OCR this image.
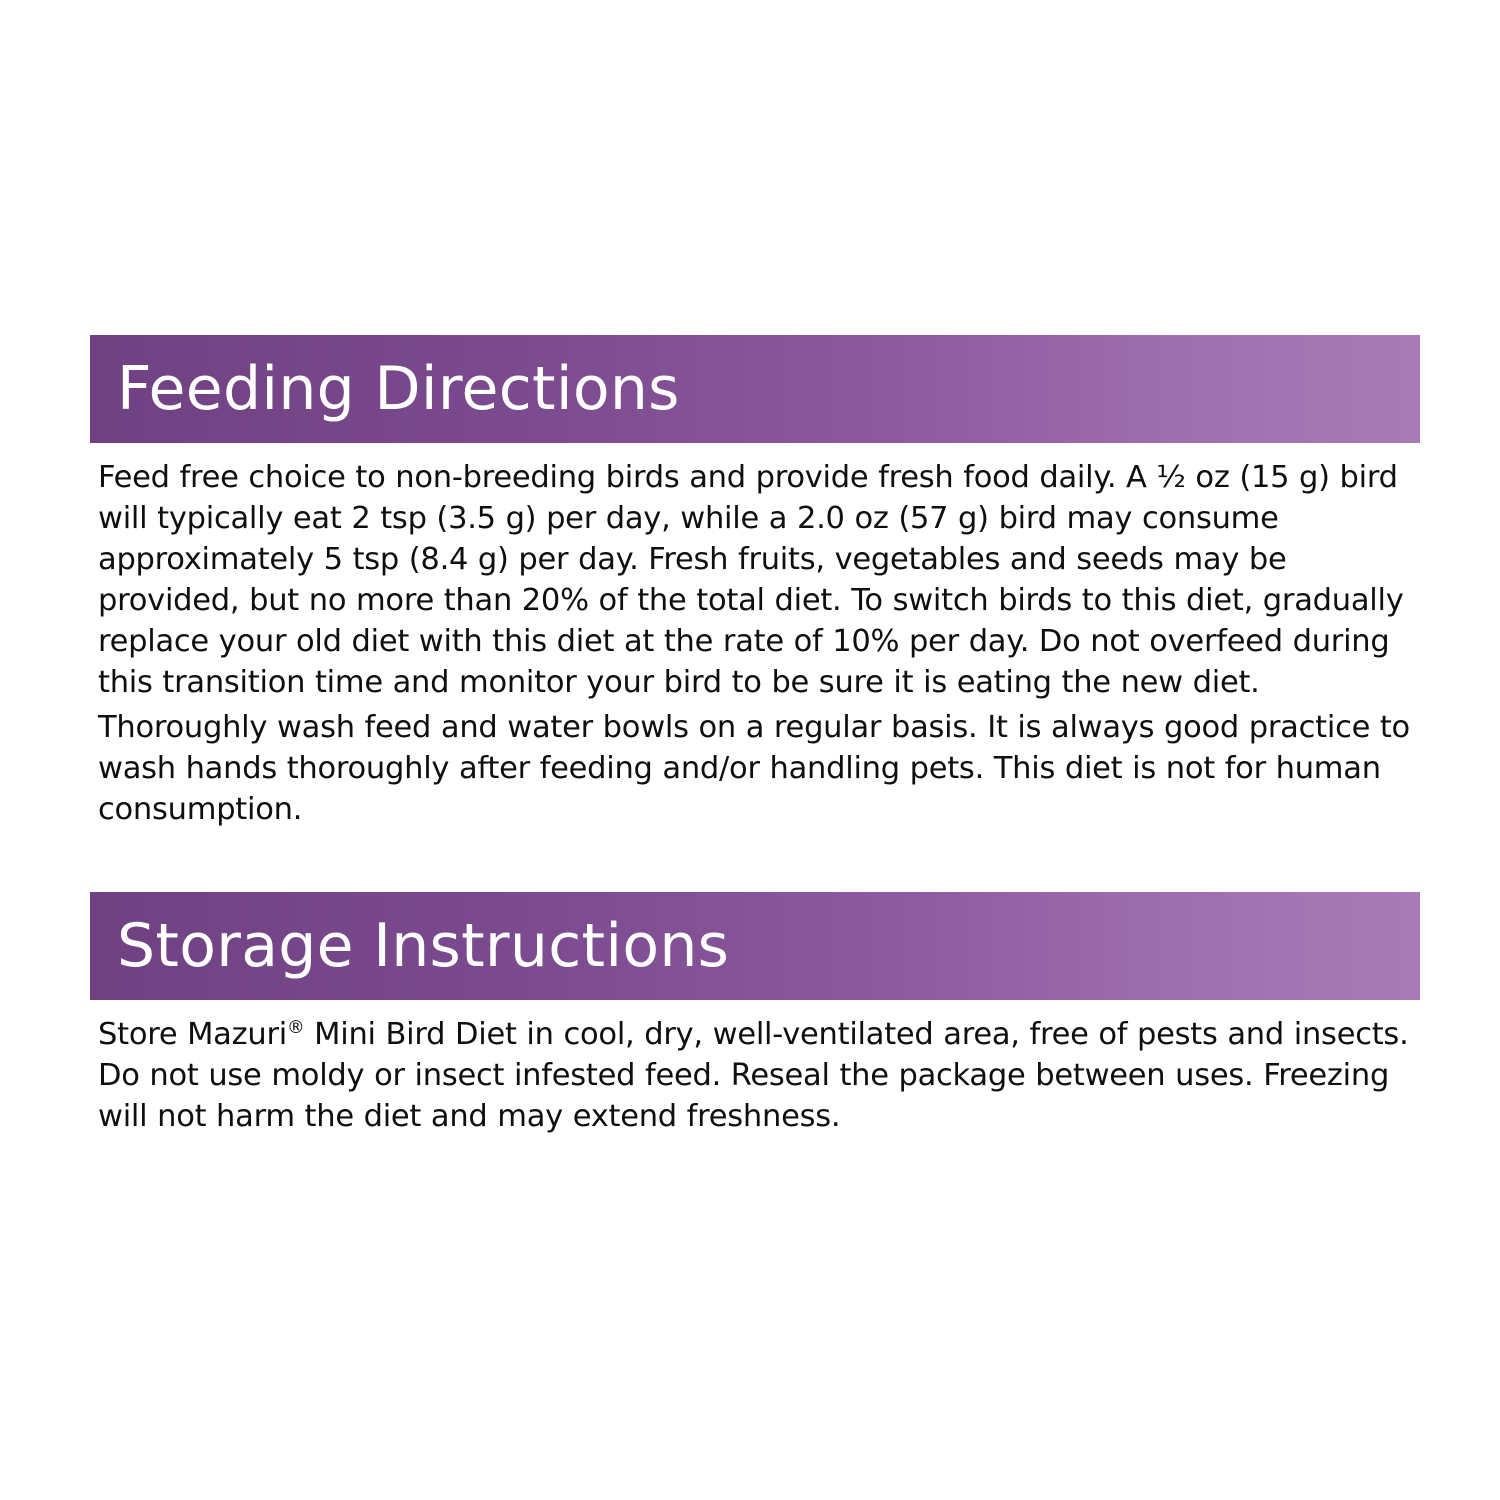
Feeding Directions

Feed free choice to non-breeding birds and provide fresh food daily. A ½ oz (15 g) bird will typically eat 2 tsp (3.5 g) per day, while a 2.0 oz (57 g) bird may consume approximately 5 tsp (8.4 g) per day. Fresh fruits, vegetables and seeds may be provided, but no more than 20% of the total diet. To switch birds to this diet, gradually replace your old diet with this diet at the rate of 10% per day. Do not overfeed during this transition time and monitor your bird to be sure it is eating the new diet.

Thoroughly wash feed and water bowls on a regular basis. It is always good practice to wash hands thoroughly after feeding and/or handling pets. This diet is not for human consumption.

Storage Instructions

Store Mazuri® Mini Bird Diet in cool, dry, well-ventilated area, free of pests and insects. Do not use moldy or insect infested feed. Reseal the package between uses. Freezing will not harm the diet and may extend freshness.
